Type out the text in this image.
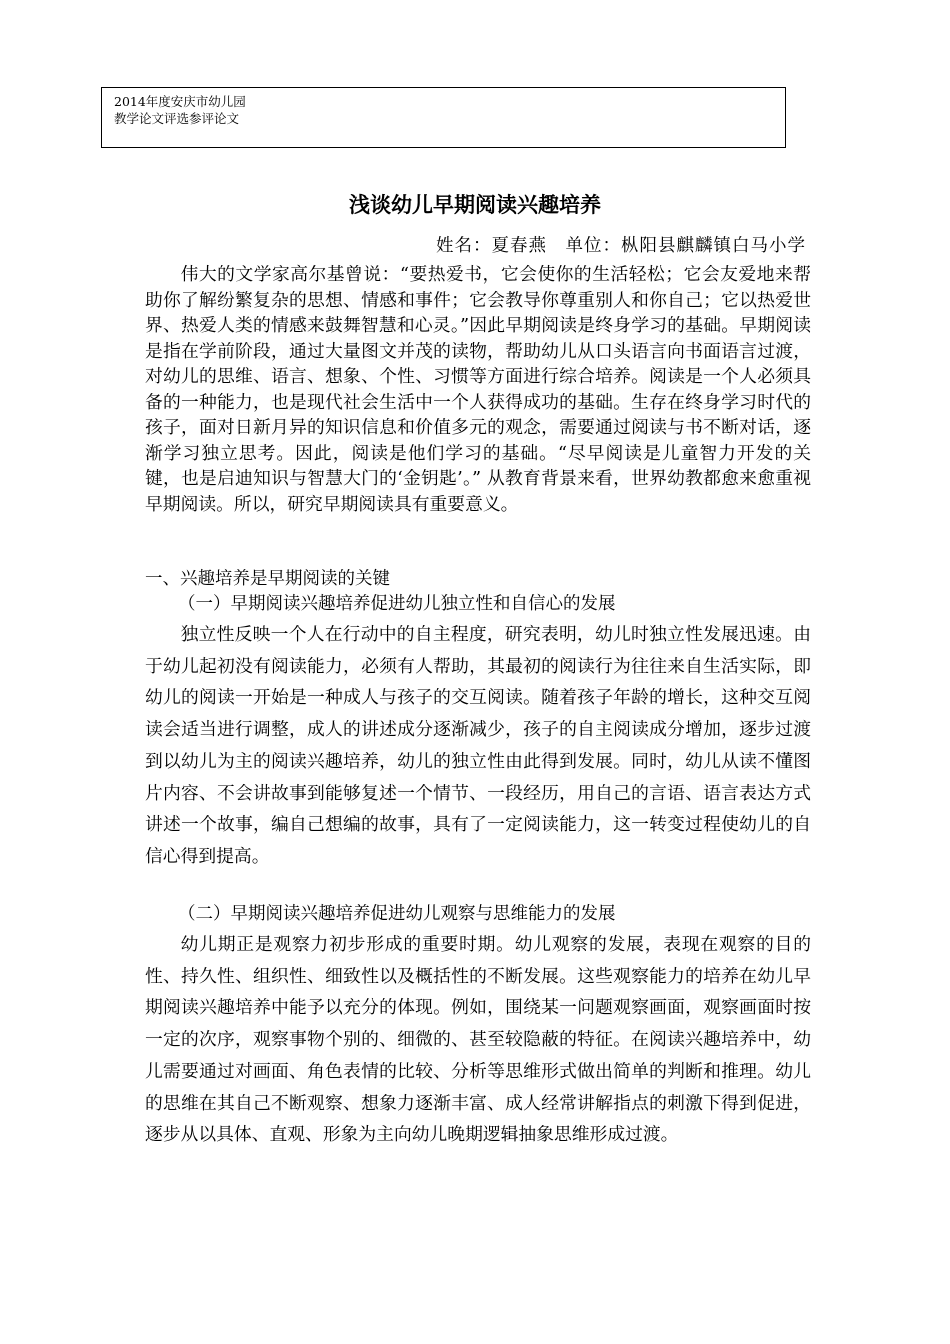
2014年度安庆市幼儿园
教学论文评选参评论文
浅谈幼儿早期阅读兴趣培养
姓名：夏春燕　单位：枞阳县麒麟镇白马小学

伟大的文学家高尔基曾说：“要热爱书，它会使你的生活轻松；它会友爱地来帮助你了解纷繁复杂的思想、情感和事件；它会教导你尊重别人和你自己；它以热爱世界、热爱人类的情感来鼓舞智慧和心灵。”因此早期阅读是终身学习的基础。早期阅读是指在学前阶段，通过大量图文并茂的读物，帮助幼儿从口头语言向书面语言过渡，对幼儿的思维、语言、想象、个性、习惯等方面进行综合培养。阅读是一个人必须具备的一种能力，也是现代社会生活中一个人获得成功的基础。生存在终身学习时代的孩子，面对日新月异的知识信息和价值多元的观念，需要通过阅读与书不断对话，逐渐学习独立思考。因此，阅读是他们学习的基础。“尽早阅读是儿童智力开发的关键，也是启迪知识与智慧大门的‘金钥匙’。” 从教育背景来看，世界幼教都愈来愈重视早期阅读。所以，研究早期阅读具有重要意义。

一、兴趣培养是早期阅读的关键

（一）早期阅读兴趣培养促进幼儿独立性和自信心的发展

独立性反映一个人在行动中的自主程度，研究表明，幼儿时独立性发展迅速。由于幼儿起初没有阅读能力，必须有人帮助，其最初的阅读行为往往来自生活实际，即幼儿的阅读一开始是一种成人与孩子的交互阅读。随着孩子年龄的增长，这种交互阅读会适当进行调整，成人的讲述成分逐渐减少，孩子的自主阅读成分增加，逐步过渡到以幼儿为主的阅读兴趣培养，幼儿的独立性由此得到发展。同时，幼儿从读不懂图片内容、不会讲故事到能够复述一个情节、一段经历，用自己的言语、语言表达方式讲述一个故事，编自己想编的故事，具有了一定阅读能力，这一转变过程使幼儿的自信心得到提高。

（二）早期阅读兴趣培养促进幼儿观察与思维能力的发展

幼儿期正是观察力初步形成的重要时期。幼儿观察的发展，表现在观察的目的性、持久性、组织性、细致性以及概括性的不断发展。这些观察能力的培养在幼儿早期阅读兴趣培养中能予以充分的体现。例如，围绕某一问题观察画面，观察画面时按一定的次序，观察事物个别的、细微的、甚至较隐蔽的特征。在阅读兴趣培养中，幼儿需要通过对画面、角色表情的比较、分析等思维形式做出简单的判断和推理。幼儿的思维在其自己不断观察、想象力逐渐丰富、成人经常讲解指点的刺激下得到促进，逐步从以具体、直观、形象为主向幼儿晚期逻辑抽象思维形成过渡。
